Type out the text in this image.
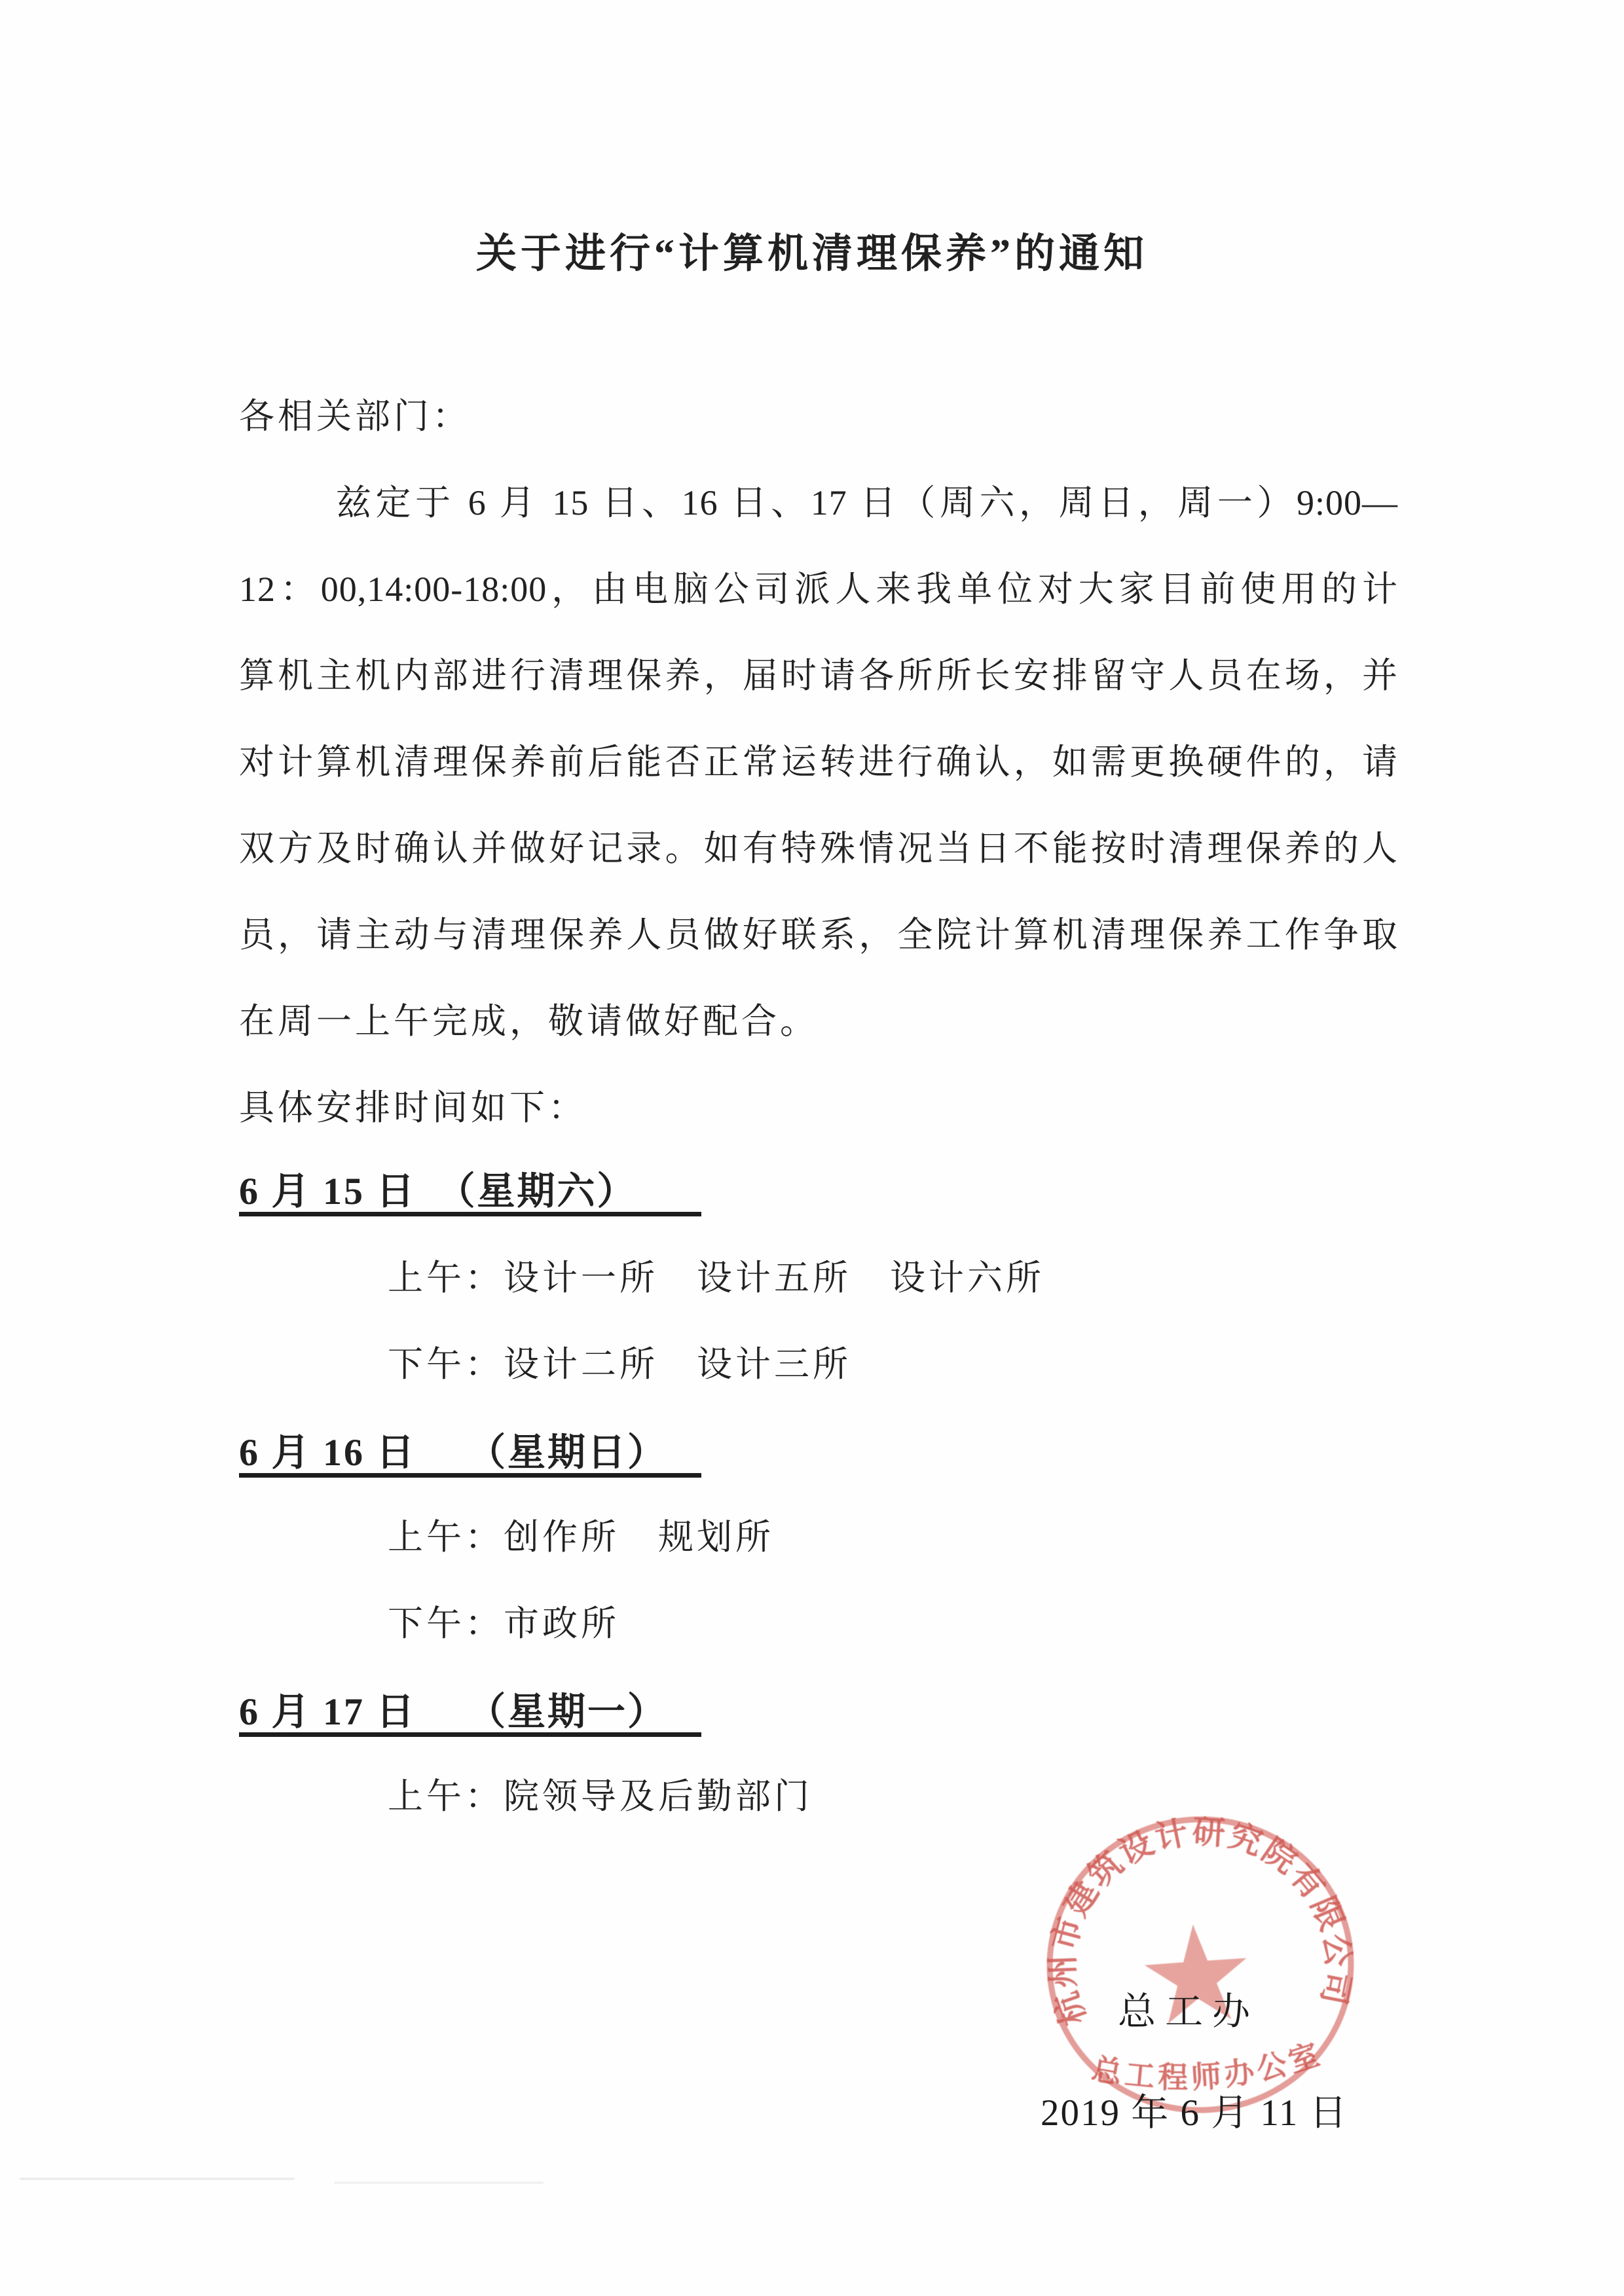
关于进行“计算机清理保养”的通知
各相关部门：
兹定于 6 月 15 日、16 日、17 日（周六，周日，周一）9:00—
12：00,14:00-18:00，由电脑公司派人来我单位对大家目前使用的计
算机主机内部进行清理保养，届时请各所所长安排留守人员在场，并
对计算机清理保养前后能否正常运转进行确认，如需更换硬件的，请
双方及时确认并做好记录。如有特殊情况当日不能按时清理保养的人
员，请主动与清理保养人员做好联系，全院计算机清理保养工作争取
在周一上午完成，敬请做好配合。
具体安排时间如下：
6 月 15 日　（星期六）
上午：设计一所　设计五所　设计六所
下午：设计二所　设计三所
6 月 16 日　 （星期日）
上午：创作所　规划所
下午：市政所
6 月 17 日　 （星期一）
上午：院领导及后勤部门
杭州市建筑设计研究院有限公司
总工程师办公室
总工办
2019 年 6 月 11 日
